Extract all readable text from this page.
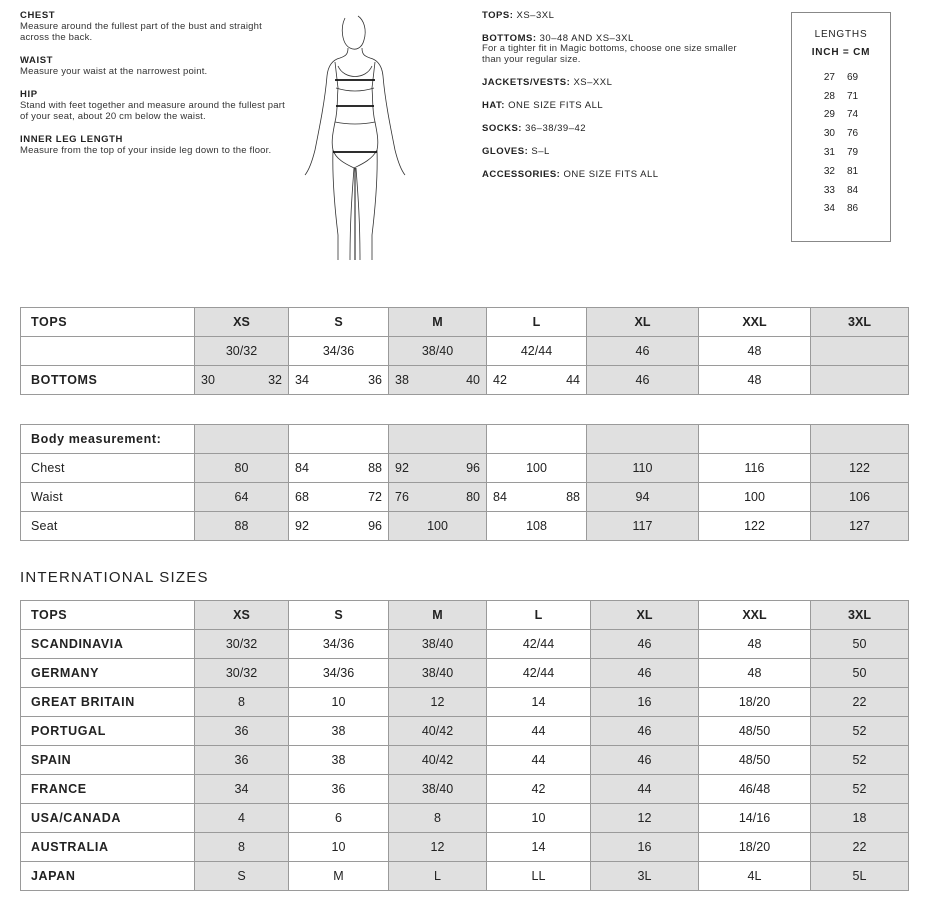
CHEST
Measure around the fullest part of the bust and straight across the back.
WAIST
Measure your waist at the narrowest point.
HIP
Stand with feet together and measure around the fullest part of your seat, about 20 cm below the waist.
INNER LEG LENGTH
Measure from the top of your inside leg down to the floor.
TOPS: XS–3XL
BOTTOMS: 30–48 AND XS–3XL
For a tighter fit in Magic bottoms, choose one size smaller than your regular size.
JACKETS/VESTS: XS–XXL
HAT: ONE SIZE FITS ALL
SOCKS: 36–38/39–42
GLOVES: S–L
ACCESSORIES: ONE SIZE FITS ALL
LENGTHS
INCH = CM
27	69
28	71
29	74
30	76
31	79
32	81
33	84
34	86
TOPS	XS	S	M	L	XL	XXL	3XL
	30/32	34/36	38/40	42/44	46	48	
BOTTOMS	30 32	34 36	38 40	42 44	46	48	
Body measurement:							
Chest	80	84 88	92 96	100	110	116	122
Waist	64	68 72	76 80	84 88	94	100	106
Seat	88	92 96	100	108	117	122	127
INTERNATIONAL SIZES
TOPS	XS	S	M	L	XL	XXL	3XL
SCANDINAVIA	30/32	34/36	38/40	42/44	46	48	50
GERMANY	30/32	34/36	38/40	42/44	46	48	50
GREAT BRITAIN	8	10	12	14	16	18/20	22
PORTUGAL	36	38	40/42	44	46	48/50	52
SPAIN	36	38	40/42	44	46	48/50	52
FRANCE	34	36	38/40	42	44	46/48	52
USA/CANADA	4	6	8	10	12	14/16	18
AUSTRALIA	8	10	12	14	16	18/20	22
JAPAN	S	M	L	LL	3L	4L	5L
